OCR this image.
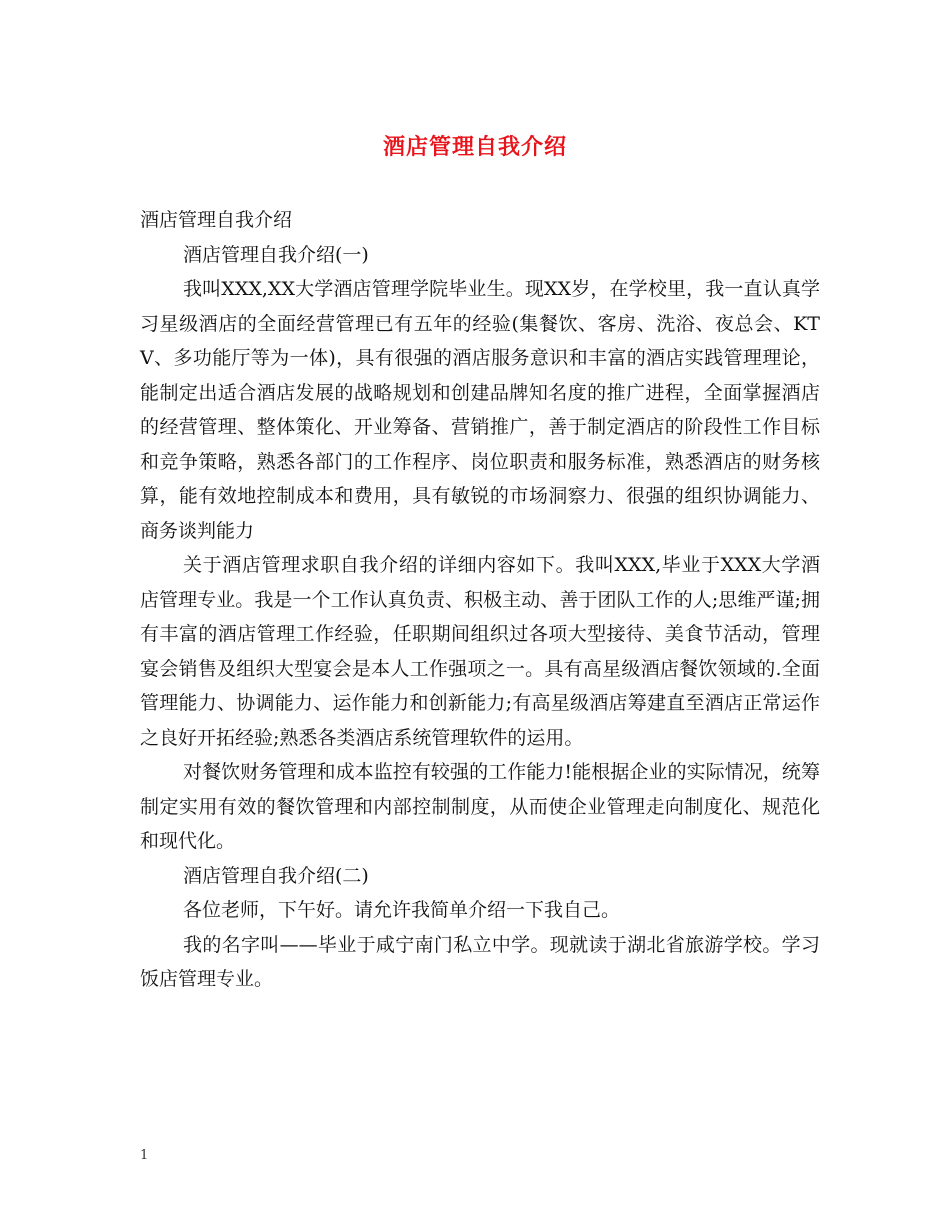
酒店管理自我介绍

酒店管理自我介绍

酒店管理自我介绍(一)

我叫XXX,XX大学酒店管理学院毕业生。现XX岁，在学校里，我一直认真学习星级酒店的全面经营管理已有五年的经验(集餐饮、客房、洗浴、夜总会、KTV、多功能厅等为一体)，具有很强的酒店服务意识和丰富的酒店实践管理理论，能制定出适合酒店发展的战略规划和创建品牌知名度的推广进程，全面掌握酒店的经营管理、整体策化、开业筹备、营销推广，善于制定酒店的阶段性工作目标和竞争策略，熟悉各部门的工作程序、岗位职责和服务标准，熟悉酒店的财务核算，能有效地控制成本和费用，具有敏锐的市场洞察力、很强的组织协调能力、商务谈判能力

关于酒店管理求职自我介绍的详细内容如下。我叫XXX,毕业于XXX大学酒店管理专业。我是一个工作认真负责、积极主动、善于团队工作的人;思维严谨;拥有丰富的酒店管理工作经验，任职期间组织过各项大型接待、美食节活动，管理宴会销售及组织大型宴会是本人工作强项之一。具有高星级酒店餐饮领域的.全面管理能力、协调能力、运作能力和创新能力;有高星级酒店筹建直至酒店正常运作之良好开拓经验;熟悉各类酒店系统管理软件的运用。

对餐饮财务管理和成本监控有较强的工作能力!能根据企业的实际情况，统筹制定实用有效的餐饮管理和内部控制制度，从而使企业管理走向制度化、规范化和现代化。

酒店管理自我介绍(二)

各位老师，下午好。请允许我简单介绍一下我自己。

我的名字叫——毕业于咸宁南门私立中学。现就读于湖北省旅游学校。学习饭店管理专业。

1
